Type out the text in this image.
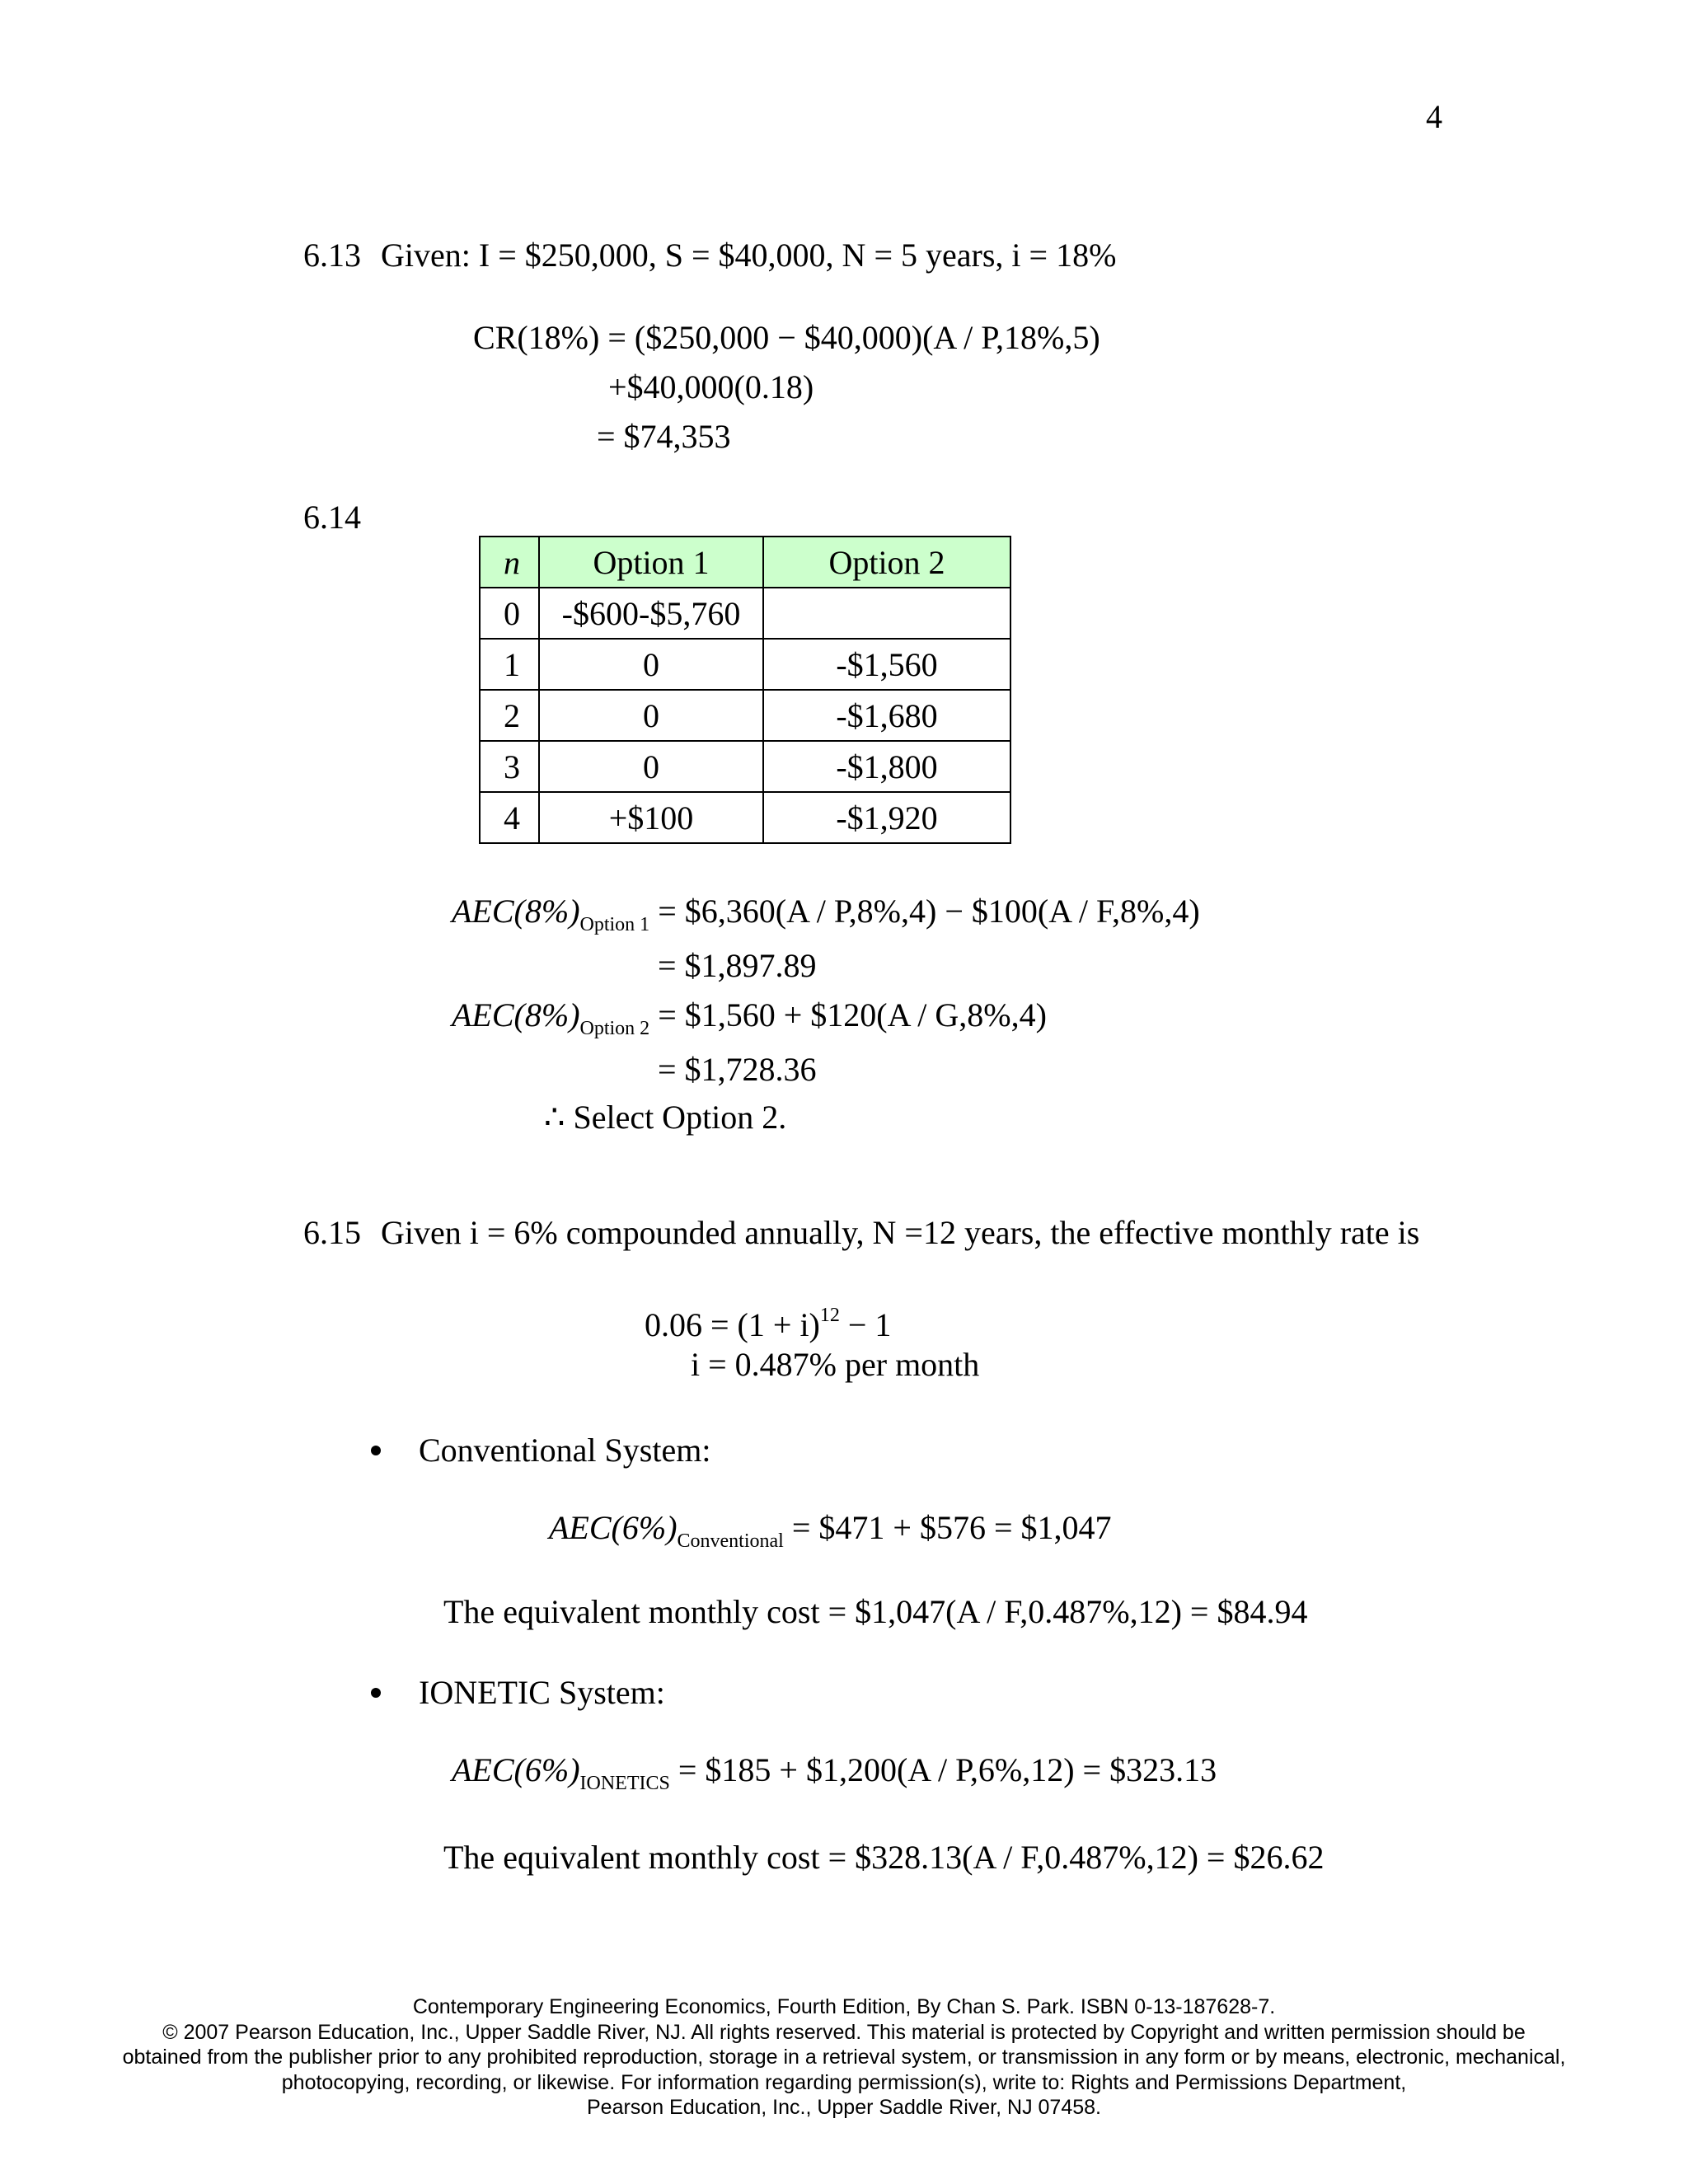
4
6.13 Given: I = $250,000, S = $40,000, N = 5 years, i = 18%
CR(18%) = ($250,000 − $40,000)(A / P,18%,5)
+$40,000(0.18)
= $74,353
6.14
n	Option 1	Option 2
0	-$600-$5,760	
1	0	-$1,560
2	0	-$1,680
3	0	-$1,800
4	+$100	-$1,920
$AEC(8\%)_{Option 1}$ = $6,360(A / P,8%,4) − $100(A / F,8%,4)
= $1,897.89
$AEC(8\%)_{Option 2}$ = $1,560 + $120(A / G,8%,4)
= $1,728.36
∴ Select Option 2.
6.15 Given i = 6% compounded annually, N =12 years, the effective monthly rate is
$0.06 = (1 + i)^{12} - 1$
i = 0.487% per month
Conventional System:
$AEC(6\%)_{Conventional}$ = $471 + $576 = $1,047
The equivalent monthly cost = $1,047(A / F,0.487%,12) = $84.94
IONETIC System:
$AEC(6\%)_{IONETICS}$ = $185 + $1,200(A / P,6%,12) = $323.13
The equivalent monthly cost = $328.13(A / F,0.487%,12) = $26.62
Contemporary Engineering Economics, Fourth Edition, By Chan S. Park. ISBN 0-13-187628-7.
© 2007 Pearson Education, Inc., Upper Saddle River, NJ. All rights reserved. This material is protected by Copyright and written permission should be
obtained from the publisher prior to any prohibited reproduction, storage in a retrieval system, or transmission in any form or by means, electronic, mechanical,
photocopying, recording, or likewise. For information regarding permission(s), write to: Rights and Permissions Department,
Pearson Education, Inc., Upper Saddle River, NJ 07458.
